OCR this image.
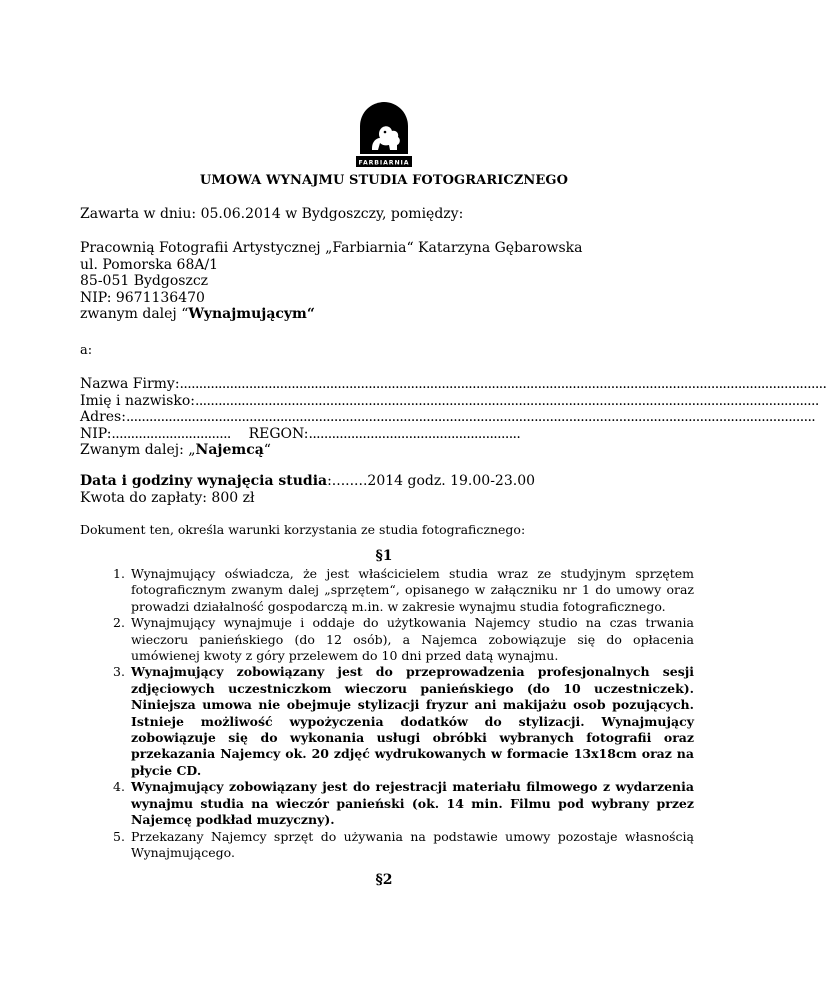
FARBIARNIA
UMOWA WYNAJMU STUDIA FOTOGRARICZNEGO
Zawarta w dniu: 05.06.2014 w Bydgoszczy, pomiędzy:
Pracownią Fotografii Artystycznej „Farbiarnia“ Katarzyna Gębarowska
ul. Pomorska 68A/1
85-051 Bydgoszcz
NIP: 9671136470
zwanym dalej “Wynajmującym“
a:
Nazwa Firmy:........................................................................................................................................................................
Imię i nazwisko:..................................................................................................................................................................
Adres:...................................................................................................................................................................................
NIP:............................... REGON:.......................................................
Zwanym dalej: „Najemcą“
Data i godziny wynajęcia studia:........2014 godz. 19.00-23.00
Kwota do zapłaty: 800 zł
Dokument ten, określa warunki korzystania ze studia fotograficznego:
§1
1. Wynajmujący oświadcza, że jest właścicielem studia wraz ze studyjnym sprzętem fotograficznym zwanym dalej „sprzętem“, opisanego w załączniku nr 1 do umowy oraz prowadzi działalność gospodarczą m.in. w zakresie wynajmu studia fotograficznego.
2. Wynajmujący wynajmuje i oddaje do użytkowania Najemcy studio na czas trwania wieczoru panieńskiego (do 12 osób), a Najemca zobowiązuje się do opłacenia umówienej kwoty z góry przelewem do 10 dni przed datą wynajmu.
3. Wynajmujący zobowiązany jest do przeprowadzenia profesjonalnych sesji zdjęciowych uczestniczkom wieczoru panieńskiego (do 10 uczestniczek). Niniejsza umowa nie obejmuje stylizacji fryzur ani makijażu osob pozujących. Istnieje możliwość wypożyczenia dodatków do stylizacji. Wynajmujący zobowiązuje się do wykonania usługi obróbki wybranych fotografii oraz przekazania Najemcy ok. 20 zdjęć wydrukowanych w formacie 13x18cm oraz na płycie CD.
4. Wynajmujący zobowiązany jest do rejestracji materiału filmowego z wydarzenia wynajmu studia na wieczór panieński (ok. 14 min. Filmu pod wybrany przez Najemcę podkład muzyczny).
5. Przekazany Najemcy sprzęt do używania na podstawie umowy pozostaje własnością Wynajmującego.
§2
